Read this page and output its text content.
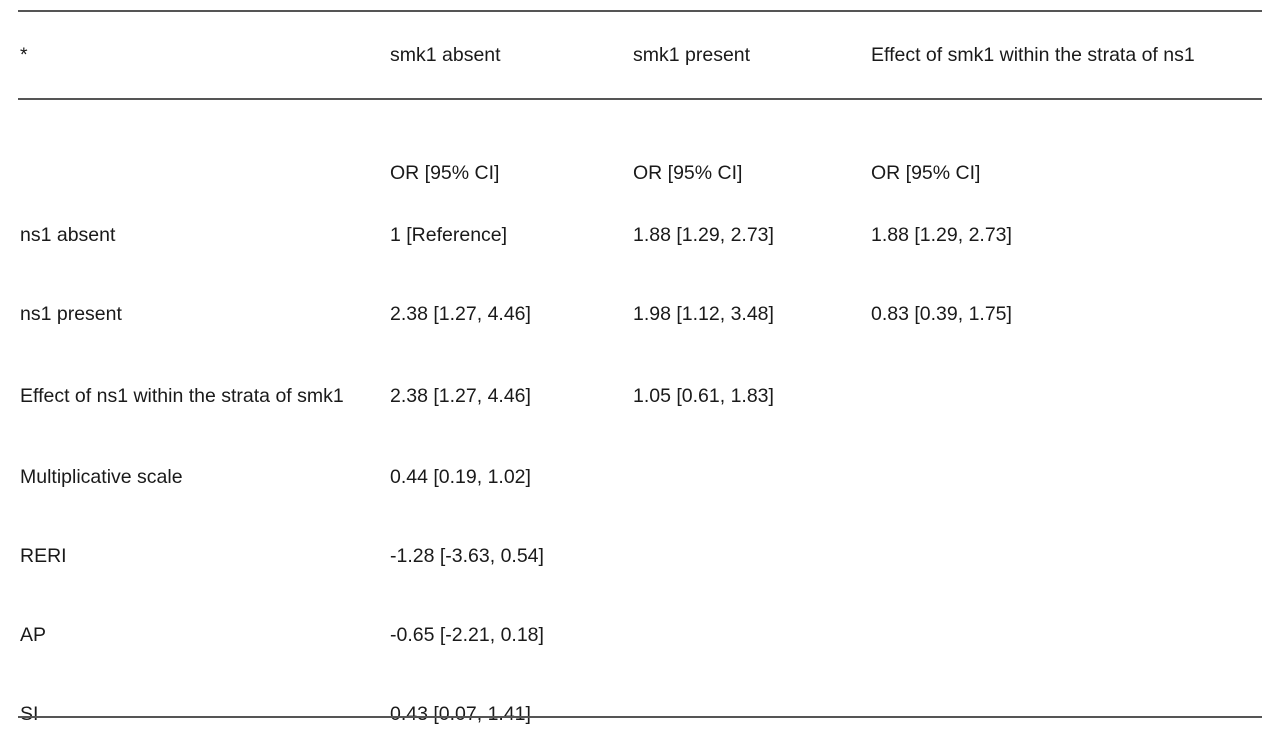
*	smk1 absent	smk1 present	Effect of smk1 within the strata of ns1
	OR [95% CI]	OR [95% CI]	OR [95% CI]
ns1 absent	1 [Reference]	1.88 [1.29, 2.73]	1.88 [1.29, 2.73]
ns1 present	2.38 [1.27, 4.46]	1.98 [1.12, 3.48]	0.83 [0.39, 1.75]
Effect of ns1 within the strata of smk1	2.38 [1.27, 4.46]	1.05 [0.61, 1.83]	
Multiplicative scale	0.44 [0.19, 1.02]		
RERI	-1.28 [-3.63, 0.54]		
AP	-0.65 [-2.21, 0.18]		
SI	0.43 [0.07, 1.41]		
